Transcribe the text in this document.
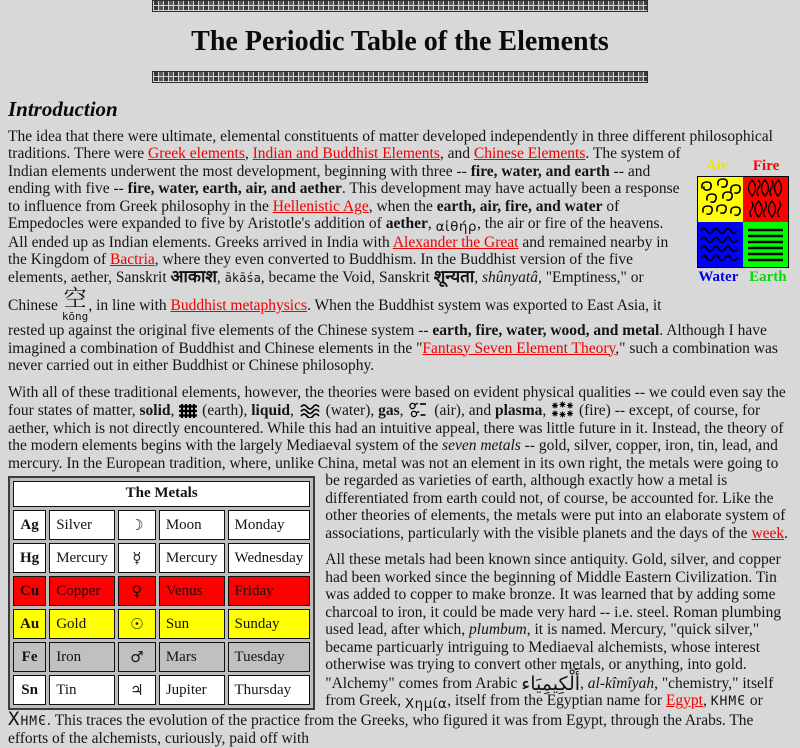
The Periodic Table of the Elements
Introduction
The idea that there were ultimate, elemental constituents of matter developed independently in three different philosophical traditions. There were Greek elements,
Air Fire
Water Earth
Indian and Buddhist Elements, and Chinese Elements. The system of Indian elements underwent the most development, beginning with three -- fire, water, and earth -- and ending with five -- fire, water, earth, air, and aether. This development may have actually been a response to influence from Greek philosophy in the Hellenistic Age, when the earth, air, fire, and water of Empedocles were expanded to five by Aristotle's addition of aether, αἰθήρ, the air or fire of the heavens. All ended up as Indian elements. Greeks arrived in India with Alexander the Great and remained nearby in the Kingdom of Bactria, where they even converted to Buddhism. In the Buddhist version of the five elements, aether, Sanskrit आकाश, ākāśa, became the Void, Sanskrit शून्यता, shûnyatâ, "Emptiness," or Chinese 空
kōng
, in line with Buddhist metaphysics. When the Buddhist system was exported to East Asia, it rested up against the original five elements of the Chinese system -- earth, fire, water, wood, and metal. Although I have imagined a combination of Buddhist and Chinese elements in the "Fantasy Seven Element Theory," such a combination was never carried out in either Buddhist or Chinese philosophy.
With all of these traditional elements, however, the theories were based on evident physical qualities -- we could even say the four states of matter, solid,  (earth), liquid,  (water), gas,  (air), and plasma,  (fire) -- except, of course, for aether, which is not directly encountered. While this had an intuitive appeal, there was little future in it. Instead, the theory of the modern elements begins with the largely Mediaeval system of the seven metals -- gold, silver, copper, iron, tin, lead, and mercury. In the European tradition, where, unlike China, metal was not an element in its own right, the metals were going
The Metals				
Ag	Silver	☽	Moon	Monday
Hg	Mercury	☿	Mercury	Wednesday
Cu	Copper	♀	Venus	Friday
Au	Gold	☉	Sun	Sunday
Fe	Iron	♂	Mars	Tuesday
Sn	Tin	♃	Jupiter	Thursday
to be regarded as varieties of earth, although exactly how a metal is differentiated from earth could not, of course, be accounted for. Like the other theories of elements, the metals were put into an elaborate system of associations, particularly with the visible planets and the days of the week.
All these metals had been known since antiquity. Gold, silver, and copper had been worked since the beginning of Middle Eastern Civilization. Tin was added to copper to make bronze. It was learned that by adding some charcoal to iron, it could be made very hard -- i.e. steel. Roman plumbing used lead, after which, plumbum, it is named. Mercury, "quick silver," became particuarly intriguing to Mediaeval alchemists, whose interest otherwise was trying to convert other metals, or anything, into gold. "Alchemy" comes from Arabic أَلْكِيمِيَاء, al-kîmîyah, "chemistry," itself from Greek, Χημία, itself from the Egyptian name for Egypt, ΚΗΜЄ or ΧΗΜЄ. This traces the evolution of the practice from the Greeks, who figured it was from Egypt, through the Arabs. The efforts of the alchemists, curiously, paid off with
